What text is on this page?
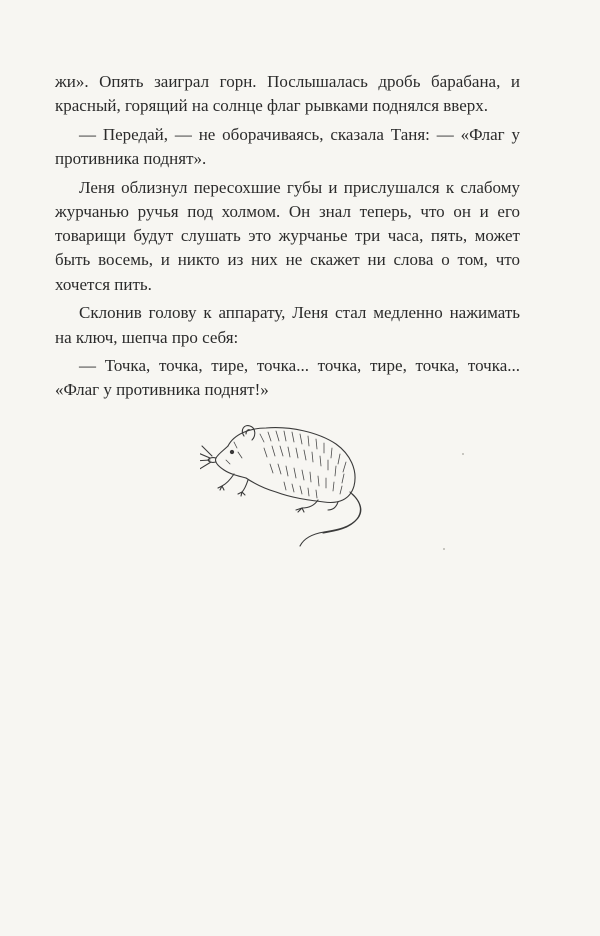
жи». Опять заиграл горн. Послышалась дробь барабана, и красный, горящий на солнце флаг рывками поднялся вверх.

— Передай, — не оборачиваясь, сказала Таня: — «Флаг у противника поднят».

Леня облизнул пересохшие губы и прислушался к слабому журчанью ручья под холмом. Он знал теперь, что он и его товарищи будут слушать это журчанье три часа, пять, может быть восемь, и никто из них не скажет ни слова о том, что хочется пить.

Склонив голову к аппарату, Леня стал медленно нажимать на ключ, шепча про себя:

— Точка, точка, тире, точка... точка, тире, точка, точка... «Флаг у противника поднят!»
